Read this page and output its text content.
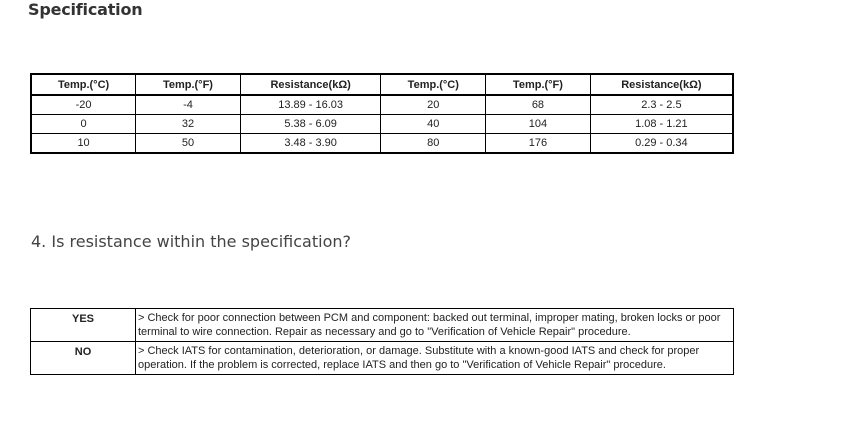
Specification
Temp.(°C)	Temp.(°F)	Resistance(kΩ)	Temp.(°C)	Temp.(°F)	Resistance(kΩ)
-20	-4	13.89 - 16.03	20	68	2.3 - 2.5
0	32	5.38 - 6.09	40	104	1.08 - 1.21
10	50	3.48 - 3.90	80	176	0.29 - 0.34
4. Is resistance within the specification?
YES	> Check for poor connection between PCM and component: backed out terminal, improper mating, broken locks or poor terminal to wire connection. Repair as necessary and go to "Verification of Vehicle Repair" procedure.
NO	> Check IATS for contamination, deterioration, or damage. Substitute with a known-good IATS and check for proper operation. If the problem is corrected, replace IATS and then go to "Verification of Vehicle Repair" procedure.
